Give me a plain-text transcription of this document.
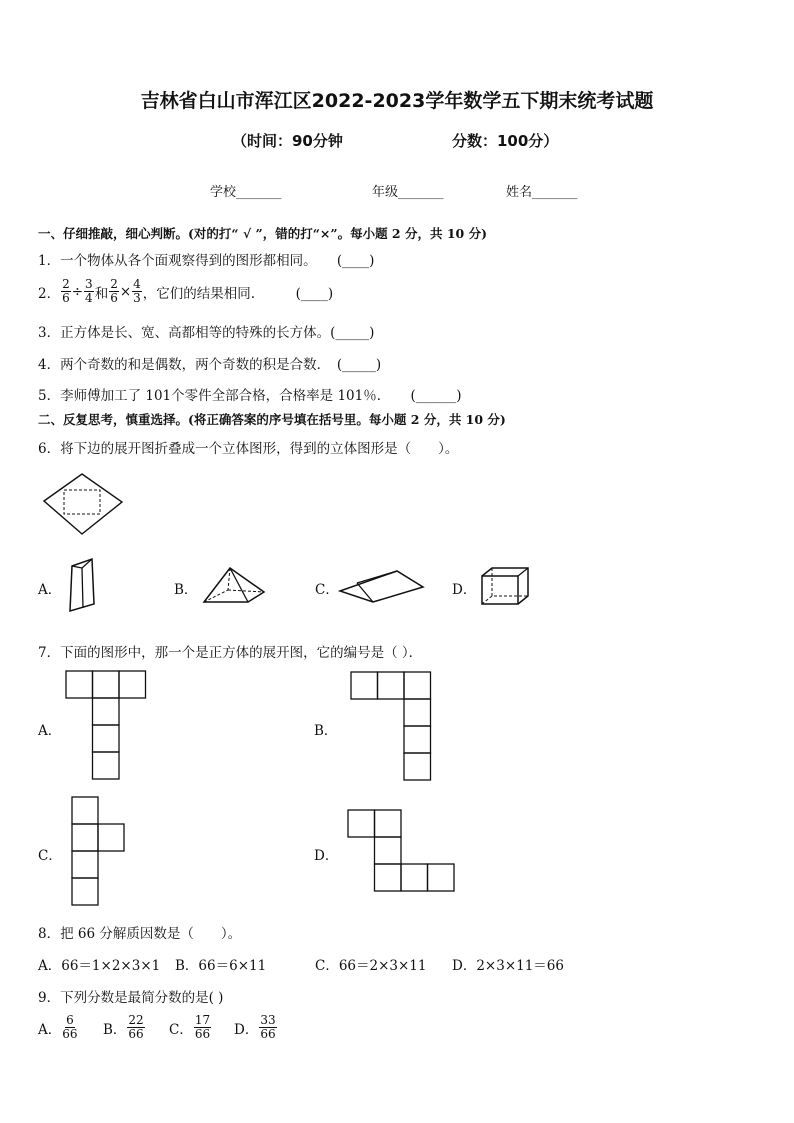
吉林省白山市浑江区2022-2023学年数学五下期末统考试题
（时间：90分钟	分数：100分）
学校_______	年级_______	姓名_______
一、仔细推敲，细心判断。(对的打“ √ ”，错的打“×”。每小题 2 分，共 10 分)
1．一个物体从各个面观察得到的图形都相同。　　(____)
2． $\frac{2}{6} \div \frac{3}{4}$ 和 $\frac{2}{6} \times \frac{4}{3}$ ，它们的结果相同.　　　(____)
3．正方体是长、宽、高都相等的特殊的长方体。(_____)
4．两个奇数的和是偶数，两个奇数的积是合数．　(_____)
5．李师傅加工了 101个零件全部合格，合格率是 101％．　　(______)
二、反复思考，慎重选择。(将正确答案的序号填在括号里。每小题 2 分，共 10 分)
6．将下边的展开图折叠成一个立体图形，得到的立体图形是（　　）。
A．	B．	C．	D．
7．下面的图形中，那一个是正方体的展开图，它的编号是（ ）．
A．	B．
C．	D．
8．把 66 分解质因数是（　　）。
A．66＝1×2×3×1 B．66＝6×11	C．66＝2×3×11 D．2×3×11＝66
9．下列分数是最简分数的是( )
A． $\frac{6}{66}$ B． $\frac{22}{66}$ C． $\frac{17}{66}$ D． $\frac{33}{66}$
